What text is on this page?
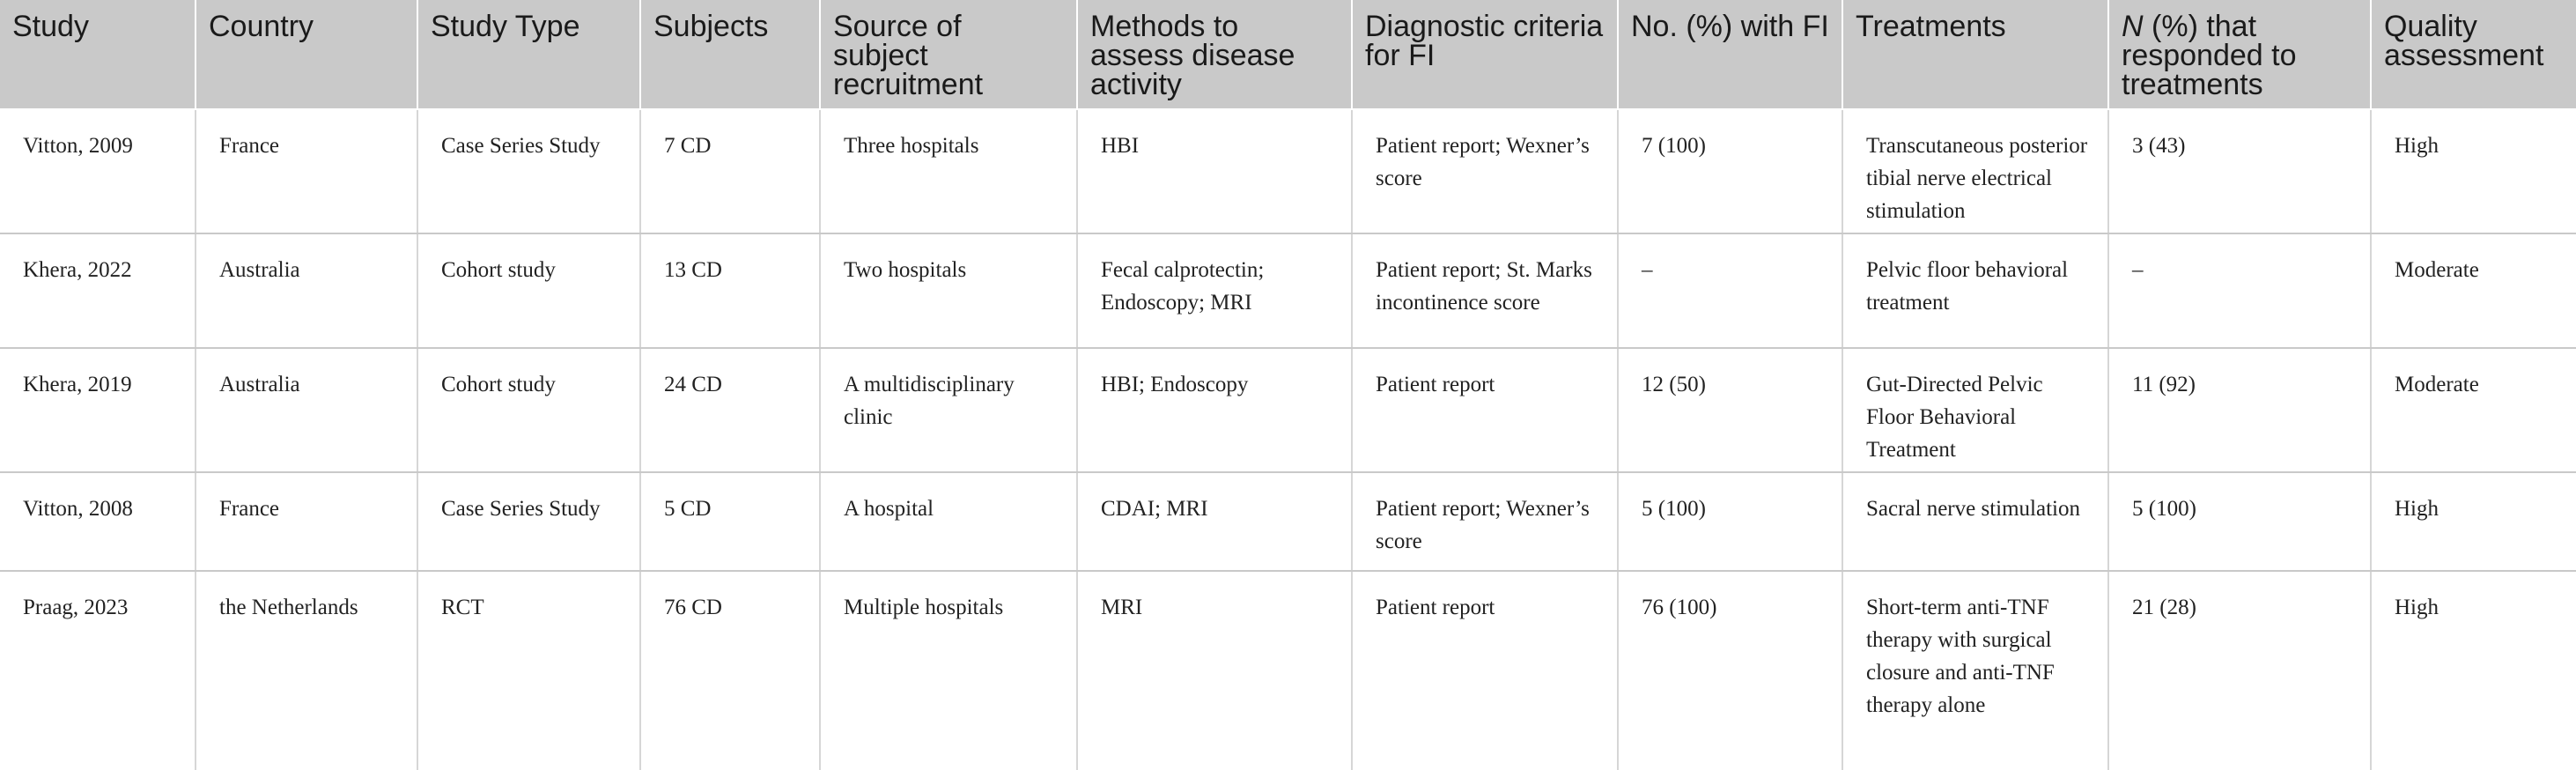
Study	Country	Study Type	Subjects	Source of subject recruitment	Methods to assess disease activity	Diagnostic criteria for FI	No. (%) with FI	Treatments	N (%) that responded to treatments	Quality assessment
Vitton, 2009	France	Case Series Study	7 CD	Three hospitals	HBI	Patient report; Wexner’s score	7 (100)	Transcutaneous posterior tibial nerve electrical stimulation	3 (43)	High
Khera, 2022	Australia	Cohort study	13 CD	Two hospitals	Fecal calprotectin; Endoscopy; MRI	Patient report; St. Marks incontinence score	–	Pelvic floor behavioral treatment	–	Moderate
Khera, 2019	Australia	Cohort study	24 CD	A multidisciplinary clinic	HBI; Endoscopy	Patient report	12 (50)	Gut-Directed Pelvic Floor Behavioral Treatment	11 (92)	Moderate
Vitton, 2008	France	Case Series Study	5 CD	A hospital	CDAI; MRI	Patient report; Wexner’s score	5 (100)	Sacral nerve stimulation	5 (100)	High
Praag, 2023	the Netherlands	RCT	76 CD	Multiple hospitals	MRI	Patient report	76 (100)	Short-term anti-TNF therapy with surgical closure and anti-TNF therapy alone	21 (28)	High
